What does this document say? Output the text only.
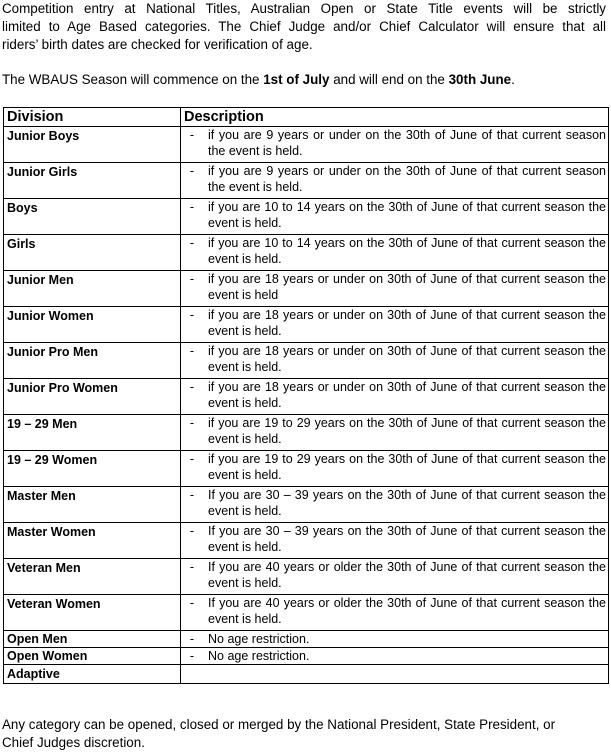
Competition entry at National Titles, Australian Open or State Title events will be strictly
limited to Age Based categories. The Chief Judge and/or Chief Calculator will ensure that all
riders’ birth dates are checked for verification of age.
The WBAUS Season will commence on the 1st of July and will end on the 30th June.
Division	Description
Junior Boys	- if you are 9 years or under on the 30th of June of that current season the event is held.

Junior Girls	- if you are 9 years or under on the 30th of June of that current season the event is held.

Boys	- if you are 10 to 14 years on the 30th of June of that current season the event is held.

Girls	- if you are 10 to 14 years on the 30th of June of that current season the event is held.

Junior Men	- if you are 18 years or under on 30th of June of that current season the event is held

Junior Women	- if you are 18 years or under on 30th of June of that current season the event is held.

Junior Pro Men	- if you are 18 years or under on 30th of June of that current season the event is held.

Junior Pro Women	- if you are 18 years or under on 30th of June of that current season the event is held.

19 – 29 Men	- if you are 19 to 29 years on the 30th of June of that current season the event is held.

19 – 29 Women	- if you are 19 to 29 years on the 30th of June of that current season the event is held.

Master Men	- If you are 30 – 39 years on the 30th of June of that current season the event is held.

Master Women	- If you are 30 – 39 years on the 30th of June of that current season the event is held.

Veteran Men	- If you are 40 years or older the 30th of June of that current season the event is held.

Veteran Women	- If you are 40 years or older the 30th of June of that current season the event is held.

Open Men	- No age restriction.

Open Women	- No age restriction.

Adaptive	
Any category can be opened, closed or merged by the National President, State President, or
Chief Judges discretion.
